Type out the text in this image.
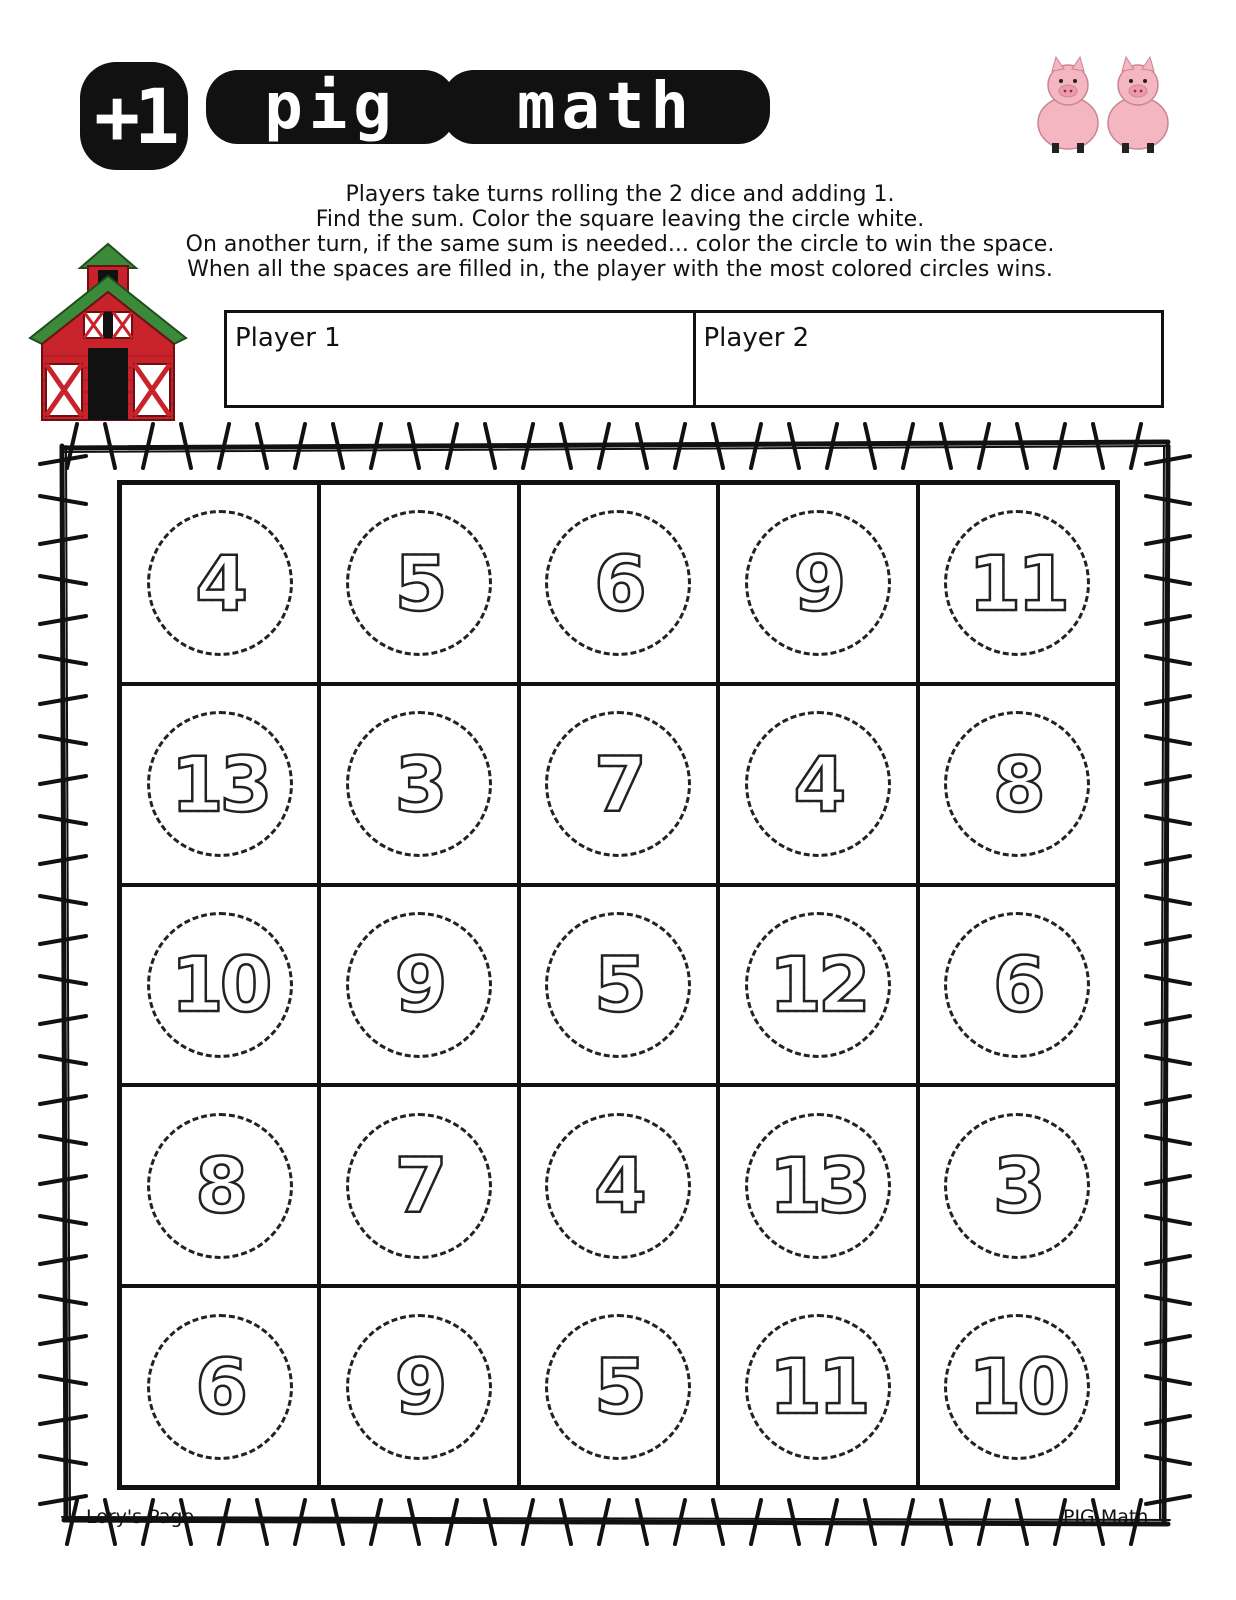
+1 pig math
Players take turns rolling the 2 dice and adding 1.
Find the sum. Color the square leaving the circle white.
On another turn, if the same sum is needed... color the circle to win the space.
When all the spaces are filled in, the player with the most colored circles wins.
Player 1	Player 2
4 5 6 9 11
13 3 7 4 8
10 9 5 12 6
8 7 4 13 3
6 9 5 11 10
Lory's Page	PIG Math
